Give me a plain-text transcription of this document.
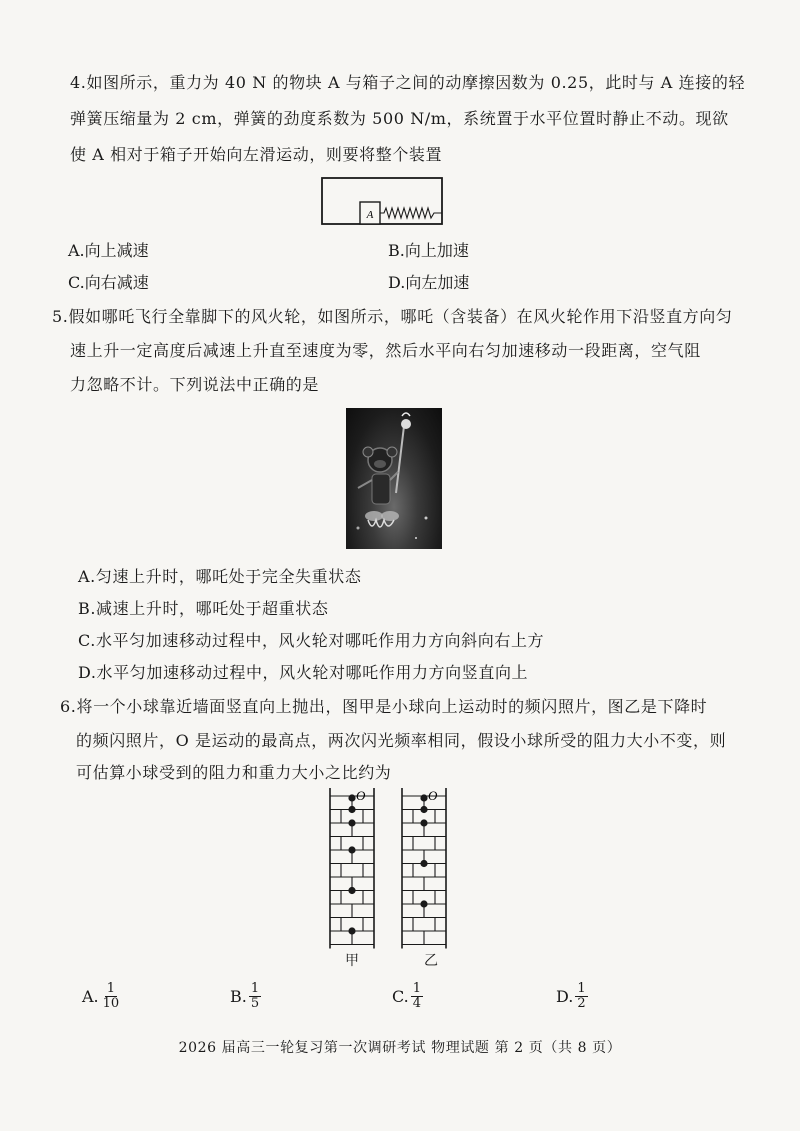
4.如图所示，重力为 40 N 的物块 A 与箱子之间的动摩擦因数为 0.25，此时与 A 连接的轻
弹簧压缩量为 2 cm，弹簧的劲度系数为 500 N/m，系统置于水平位置时静止不动。现欲
使 A 相对于箱子开始向左滑运动，则要将整个装置
A
A.向上减速	B.向上加速
C.向右减速	D.向左加速
5.假如哪吒飞行全靠脚下的风火轮，如图所示，哪吒（含装备）在风火轮作用下沿竖直方向匀
速上升一定高度后减速上升直至速度为零，然后水平向右匀加速移动一段距离，空气阻
力忽略不计。下列说法中正确的是
A.匀速上升时，哪吒处于完全失重状态
B.减速上升时，哪吒处于超重状态
C.水平匀加速移动过程中，风火轮对哪吒作用力方向斜向右上方
D.水平匀加速移动过程中，风火轮对哪吒作用力方向竖直向上
6.将一个小球靠近墙面竖直向上抛出，图甲是小球向上运动时的频闪照片，图乙是下降时
的频闪照片，O 是运动的最高点，两次闪光频率相同，假设小球所受的阻力大小不变，则
可估算小球受到的阻力和重力大小之比约为
O	O
甲	乙
A. $\frac{1}{10}$	B. $\frac{1}{5}$	C. $\frac{1}{4}$	D. $\frac{1}{2}$
2026 届高三一轮复习第一次调研考试 物理试题 第 2 页（共 8 页）
